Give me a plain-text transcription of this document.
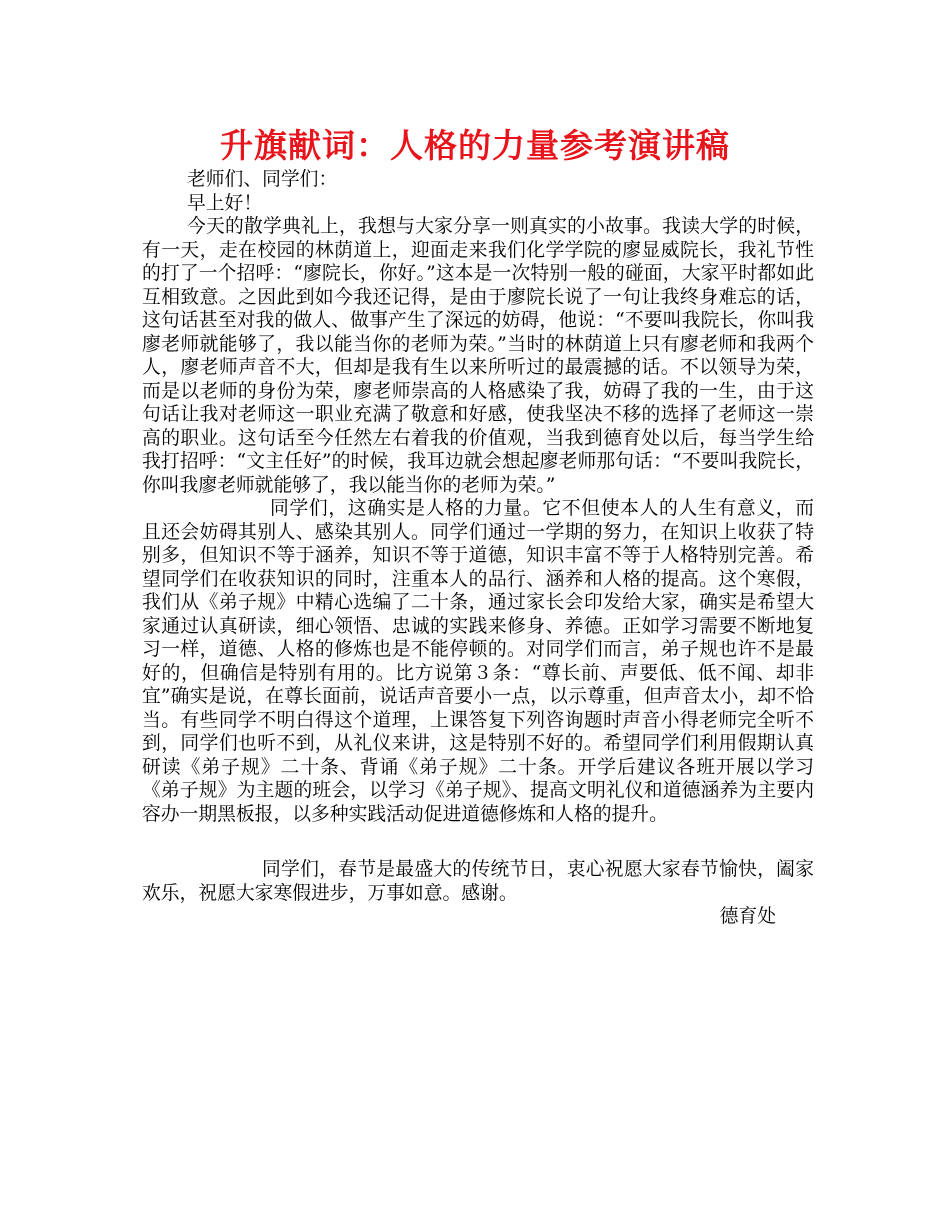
升旗献词：人格的力量参考演讲稿

老师们、同学们：

早上好！

今天的散学典礼上，我想与大家分享一则真实的小故事。我读大学的时候，有一天，走在校园的林荫道上，迎面走来我们化学学院的廖显威院长，我礼节性的打了一个招呼：“廖院长，你好。”这本是一次特别一般的碰面，大家平时都如此互相致意。之因此到如今我还记得，是由于廖院长说了一句让我终身难忘的话，这句话甚至对我的做人、做事产生了深远的妨碍，他说：“不要叫我院长，你叫我廖老师就能够了，我以能当你的老师为荣。”当时的林荫道上只有廖老师和我两个人，廖老师声音不大，但却是我有生以来所听过的最震撼的话。不以领导为荣，而是以老师的身份为荣，廖老师崇高的人格感染了我，妨碍了我的一生，由于这句话让我对老师这一职业充满了敬意和好感，使我坚决不移的选择了老师这一崇高的职业。这句话至今任然左右着我的价值观，当我到德育处以后，每当学生给我打招呼：“文主任好”的时候，我耳边就会想起廖老师那句话：“不要叫我院长，你叫我廖老师就能够了，我以能当你的老师为荣。”

同学们，这确实是人格的力量。它不但使本人的人生有意义，而且还会妨碍其别人、感染其别人。同学们通过一学期的努力，在知识上收获了特别多，但知识不等于涵养，知识不等于道德，知识丰富不等于人格特别完善。希望同学们在收获知识的同时，注重本人的品行、涵养和人格的提高。这个寒假，我们从《弟子规》中精心选编了二十条，通过家长会印发给大家，确实是希望大家通过认真研读，细心领悟、忠诚的实践来修身、养德。正如学习需要不断地复习一样，道德、人格的修炼也是不能停顿的。对同学们而言，弟子规也许不是最好的，但确信是特别有用的。比方说第３条：“尊长前、声要低、低不闻、却非宜”确实是说，在尊长面前，说话声音要小一点，以示尊重，但声音太小，却不恰当。有些同学不明白得这个道理，上课答复下列咨询题时声音小得老师完全听不到，同学们也听不到，从礼仪来讲，这是特别不好的。希望同学们利用假期认真研读《弟子规》二十条、背诵《弟子规》二十条。开学后建议各班开展以学习《弟子规》为主题的班会，以学习《弟子规》、提高文明礼仪和道德涵养为主要内容办一期黑板报，以多种实践活动促进道德修炼和人格的提升。

同学们，春节是最盛大的传统节日，衷心祝愿大家春节愉快，阖家欢乐，祝愿大家寒假进步，万事如意。感谢。

德育处
